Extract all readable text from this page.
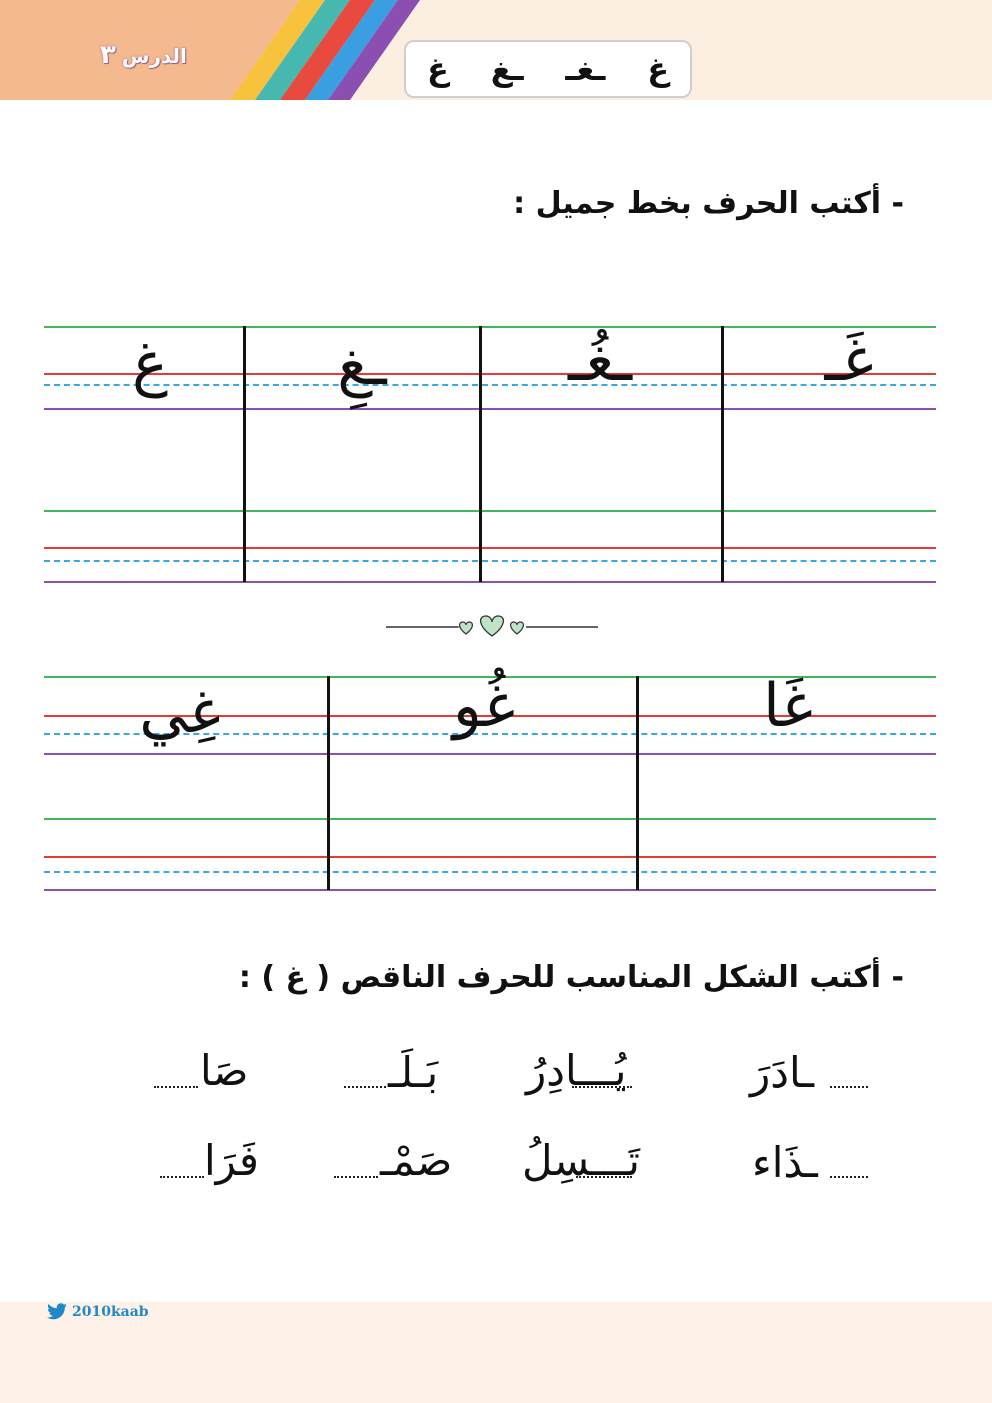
الدرس٣	غ
ـغـ
ـغ
غ
- أكتب الحرف بخط جميل :
غَـ
ـغُـ
ـغِ
غ
غَا
غُو
غِي
- أكتب الشكل المناسب للحرف الناقص ( غ ) :
ـادَرَ
يُـــادِرُ
بَـلَـ
صَا
ـذَاء
تَـــسِلُ
صَمْـ
فَرَا
2010kaab
